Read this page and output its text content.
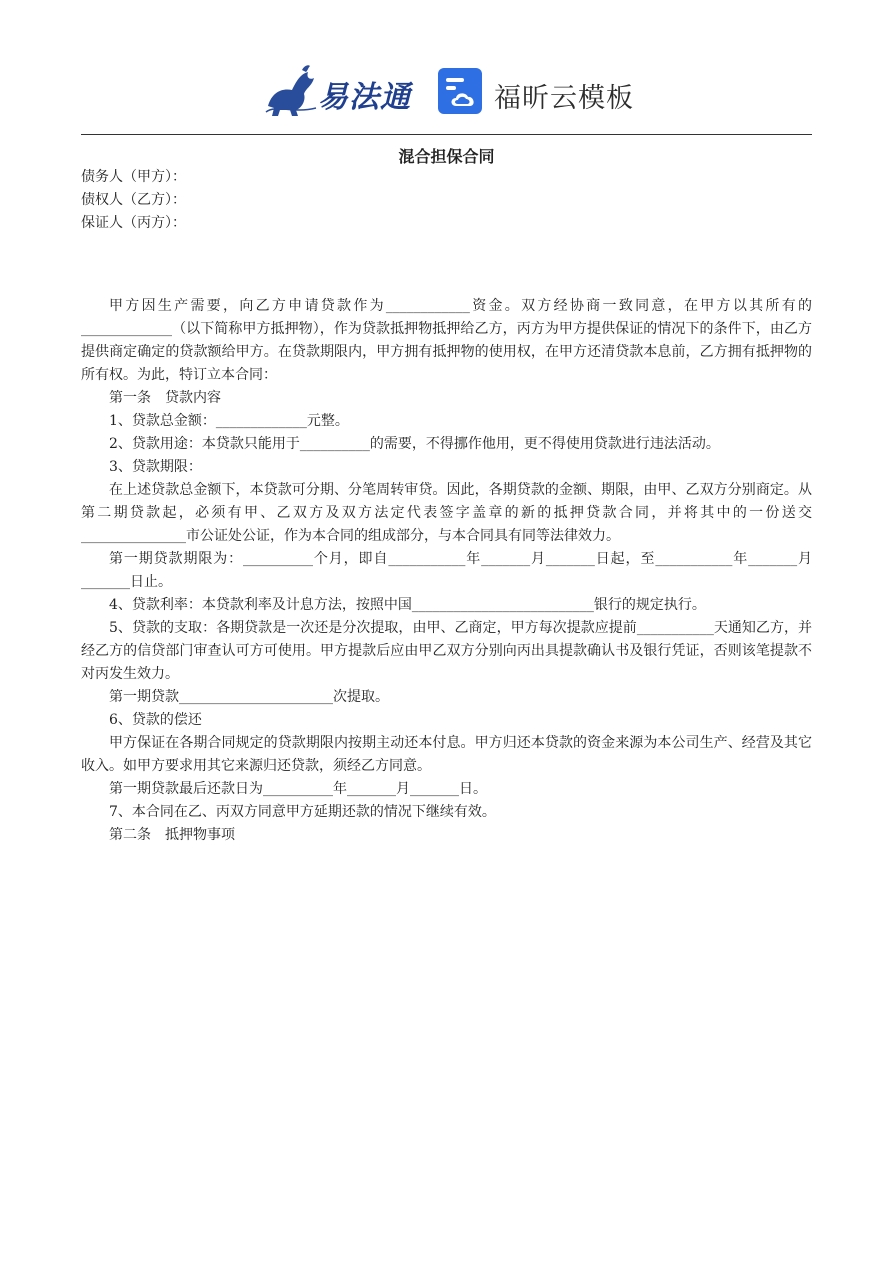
易法通	福昕云模板
混合担保合同
债务人（甲方）：
债权人（乙方）：
保证人（丙方）：

甲方因生产需要，向乙方申请贷款作为____________资金。双方经协商一致同意，在甲方以其所有的_____________（以下简称甲方抵押物），作为贷款抵押物抵押给乙方，丙方为甲方提供保证的情况下的条件下，由乙方提供商定确定的贷款额给甲方。在贷款期限内，甲方拥有抵押物的使用权，在甲方还清贷款本息前，乙方拥有抵押物的所有权。为此，特订立本合同：

第一条　贷款内容

1、贷款总金额：_____________元整。

2、贷款用途：本贷款只能用于__________的需要，不得挪作他用，更不得使用贷款进行违法活动。

3、贷款期限：

在上述贷款总金额下，本贷款可分期、分笔周转审贷。因此，各期贷款的金额、期限，由甲、乙双方分别商定。从第二期贷款起，必须有甲、乙双方及双方法定代表签字盖章的新的抵押贷款合同，并将其中的一份送交_______________市公证处公证，作为本合同的组成部分，与本合同具有同等法律效力。

第一期贷款期限为：__________个月，即自___________年_______月_______日起，至___________年_______月_______日止。

4、贷款利率：本贷款利率及计息方法，按照中国__________________________银行的规定执行。

5、贷款的支取：各期贷款是一次还是分次提取，由甲、乙商定，甲方每次提款应提前___________天通知乙方，并经乙方的信贷部门审查认可方可使用。甲方提款后应由甲乙双方分别向丙出具提款确认书及银行凭证，否则该笔提款不对丙发生效力。

第一期贷款______________________次提取。

6、贷款的偿还

甲方保证在各期合同规定的贷款期限内按期主动还本付息。甲方归还本贷款的资金来源为本公司生产、经营及其它收入。如甲方要求用其它来源归还贷款，须经乙方同意。

第一期贷款最后还款日为__________年_______月_______日。

7、本合同在乙、丙双方同意甲方延期还款的情况下继续有效。

第二条　抵押物事项
